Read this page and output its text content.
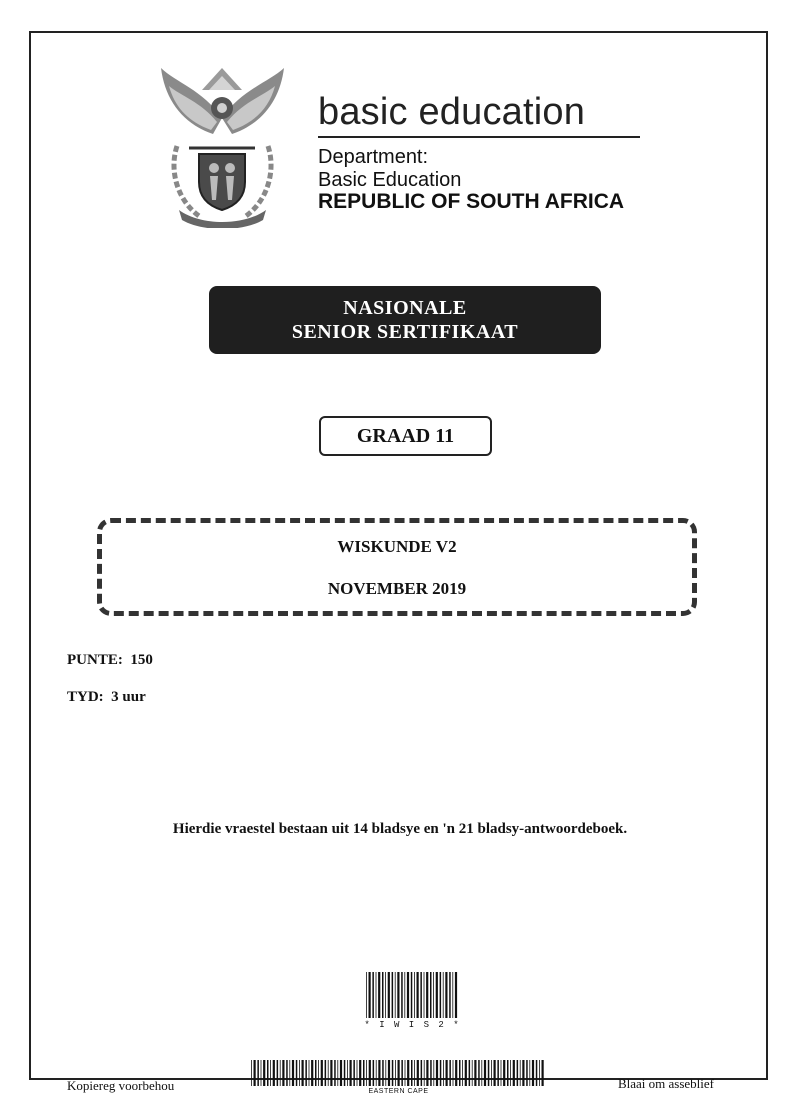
basic education
Department:
Basic Education
REPUBLIC OF SOUTH AFRICA
NASIONALE
SENIOR SERTIFIKAAT
GRAAD 11
WISKUNDE V2
NOVEMBER 2019
PUNTE:  150
TYD:  3 uur
Hierdie vraestel bestaan uit 14 bladsye en 'n 21 bladsy-antwoordeboek.
* I W I S 2 *
EASTERN CAPE
Kopiereg voorbehou	Blaai om asseblief
